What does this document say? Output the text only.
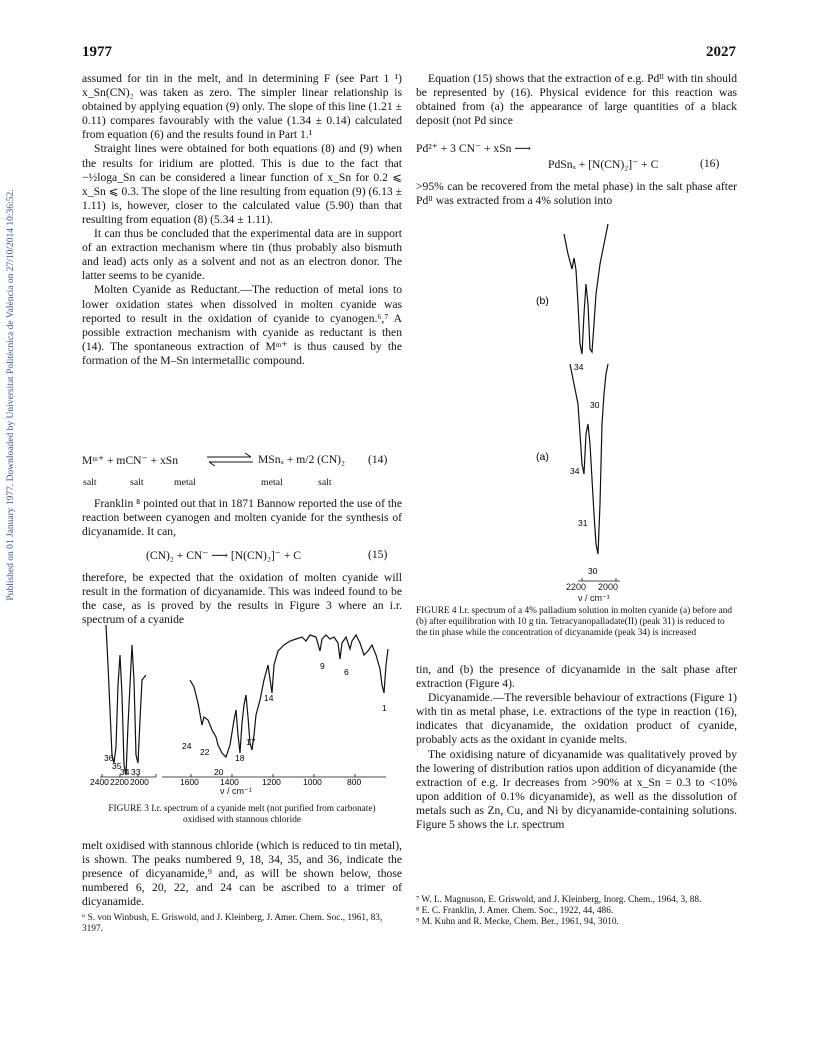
1977	2027
Published on 01 January 1977. Downloaded by Universitat Politècnica de València on 27/10/2014 10:36:52.

assumed for tin in the melt, and in determining F (see Part 1 ¹) x_Sn(CN)₂ was taken as zero. The simpler linear relationship is obtained by applying equation (9) only. The slope of this line (1.21 ± 0.11) compares favourably with the value (1.34 ± 0.14) calculated from equation (6) and the results found in Part 1.¹

Straight lines were obtained for both equations (8) and (9) when the results for iridium are plotted. This is due to the fact that −½loga_Sn can be considered a linear function of x_Sn for 0.2 ⩽ x_Sn ⩽ 0.3. The slope of the line resulting from equation (9) (6.13 ± 1.11) is, however, closer to the calculated value (5.90) than that resulting from equation (8) (5.34 ± 1.11).

It can thus be concluded that the experimental data are in support of an extraction mechanism where tin (thus probably also bismuth and lead) acts only as a solvent and not as an electron donor. The latter seems to be cyanide.

Molten Cyanide as Reductant.—The reduction of metal ions to lower oxidation states when dissolved in molten cyanide was reported to result in the oxidation of cyanide to cyanogen.⁶,⁷ A possible extraction mechanism with cyanide as reductant is then (14). The spontaneous extraction of Mᵐ⁺ is thus caused by the formation of the M–Sn intermetallic compound.

Mᵐ⁺ + mCN⁻ + xSn ⇌ MSnₓ + m/2 (CN)₂ (14)
salt	salt	metal	metal	salt

Franklin ⁸ pointed out that in 1871 Bannow reported the use of the reaction between cyanogen and molten cyanide for the synthesis of dicyanamide. It can,

(CN)₂ + CN⁻ ⟶ [N(CN)₂]⁻ + C	(15)

therefore, be expected that the oxidation of molten cyanide will result in the formation of dicyanamide. This was indeed found to be the case, as is proved by the results in Figure 3 where an i.r. spectrum of a cyanide

36
35
34 33
24
22
20
18
17
14
9
6
1
2400 2200 2000	1600 1400	1200	1000	800
ν / cm⁻¹
FIGURE 3 I.r. spectrum of a cyanide melt (not purified from carbonate) oxidised with stannous chloride

melt oxidised with stannous chloride (which is reduced to tin metal), is shown. The peaks numbered 9, 18, 34, 35, and 36, indicate the presence of dicyanamide,⁹ and, as will be shown below, those numbered 6, 20, 22, and 24 can be ascribed to a trimer of dicyanamide.

⁶ S. von Winbush, E. Griswold, and J. Kleinberg, J. Amer. Chem. Soc., 1961, 83, 3197.

Equation (15) shows that the extraction of e.g. Pdᴵᴵ with tin should be represented by (16). Physical evidence for this reaction was obtained from (a) the appearance of large quantities of a black deposit (not Pd since

Pd²⁺ + 3 CN⁻ + xSn ⟶
PdSnₓ + [N(CN)₂]⁻ + C	(16)

>95% can be recovered from the metal phase) in the salt phase after Pdᴵᴵ was extracted from a 4% solution into

(b)
(a)
34
30
34
31
30
2200 2000
ν / cm⁻¹
FIGURE 4 I.r. spectrum of a 4% palladium solution in molten cyanide (a) before and (b) after equilibration with 10 g tin. Tetracyanopalladate(II) (peak 31) is reduced to the tin phase while the concentration of dicyanamide (peak 34) is increased

tin, and (b) the presence of dicyanamide in the salt phase after extraction (Figure 4).

Dicyanamide.—The reversible behaviour of extractions (Figure 1) with tin as metal phase, i.e. extractions of the type in reaction (16), indicates that dicyanamide, the oxidation product of cyanide, probably acts as the oxidant in cyanide melts.

The oxidising nature of dicyanamide was qualitatively proved by the lowering of distribution ratios upon addition of dicyanamide (the extraction of e.g. Ir decreases from >90% at x_Sn = 0.3 to <10% upon addition of 0.1% dicyanamide), as well as the dissolution of metals such as Zn, Cu, and Ni by dicyanamide-containing solutions. Figure 5 shows the i.r. spectrum

⁷ W. L. Magnuson, E. Griswold, and J. Kleinberg, Inorg. Chem., 1964, 3, 88.
⁸ E. C. Franklin, J. Amer. Chem. Soc., 1922, 44, 486.
⁹ M. Kuhn and R. Mecke, Chem. Ber., 1961, 94, 3010.
